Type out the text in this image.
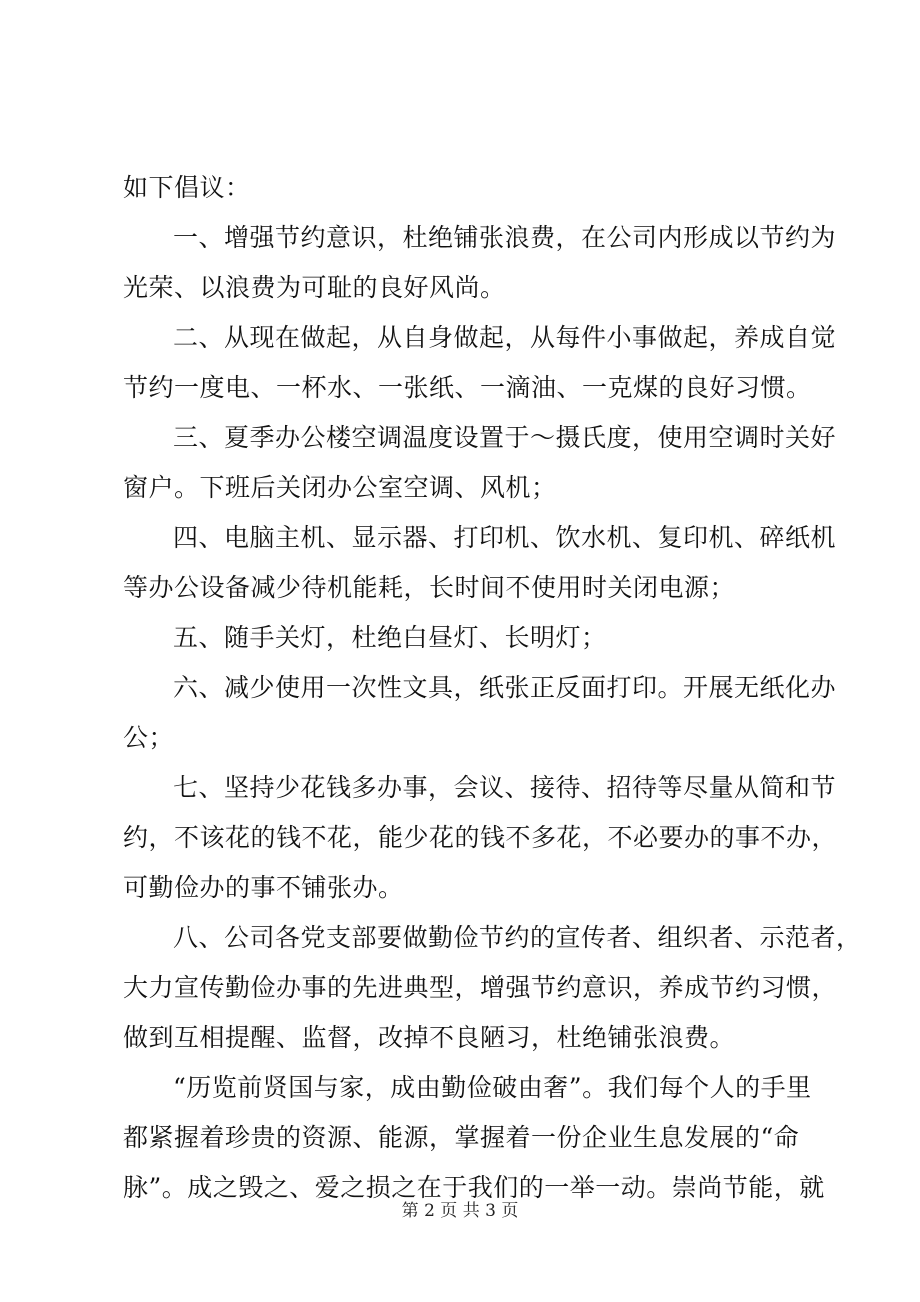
如下倡议：
一、增强节约意识，杜绝铺张浪费，在公司内形成以节约为
光荣、以浪费为可耻的良好风尚。
二、从现在做起，从自身做起，从每件小事做起，养成自觉
节约一度电、一杯水、一张纸、一滴油、一克煤的良好习惯。
三、夏季办公楼空调温度设置于～摄氏度，使用空调时关好
窗户。下班后关闭办公室空调、风机；
四、电脑主机、显示器、打印机、饮水机、复印机、碎纸机
等办公设备减少待机能耗，长时间不使用时关闭电源；
五、随手关灯，杜绝白昼灯、长明灯；
六、减少使用一次性文具，纸张正反面打印。开展无纸化办
公；
七、坚持少花钱多办事，会议、接待、招待等尽量从简和节
约，不该花的钱不花，能少花的钱不多花，不必要办的事不办，
可勤俭办的事不铺张办。
八、公司各党支部要做勤俭节约的宣传者、组织者、示范者，
大力宣传勤俭办事的先进典型，增强节约意识，养成节约习惯，
做到互相提醒、监督，改掉不良陋习，杜绝铺张浪费。
“历览前贤国与家，成由勤俭破由奢”。我们每个人的手里
都紧握着珍贵的资源、能源，掌握着一份企业生息发展的“命
脉”。成之毁之、爱之损之在于我们的一举一动。崇尚节能，就
第 2 页 共 3 页
